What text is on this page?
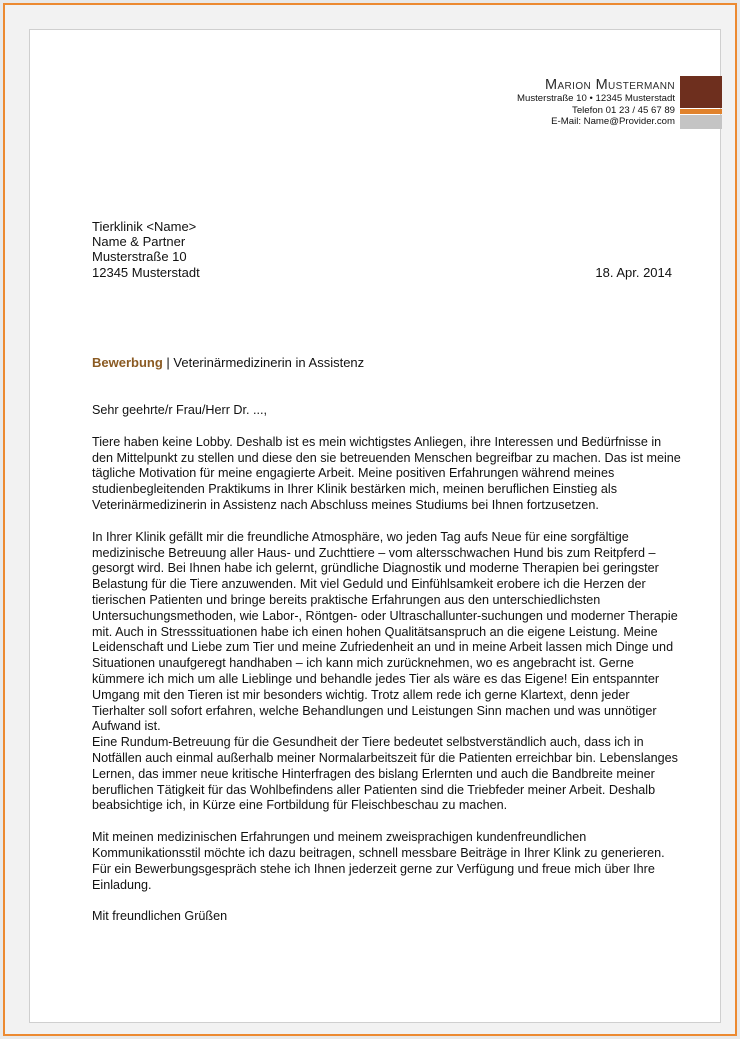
Marion Mustermann
Musterstraße 10 • 12345 Musterstadt
Telefon 01 23 / 45 67 89
E-Mail: Name@Provider.com
Tierklinik <Name>
Name & Partner
Musterstraße 10
12345 Musterstadt	18. Apr. 2014
Bewerbung | Veterinärmedizinerin in Assistenz

Sehr geehrte/r Frau/Herr Dr. ...,

Tiere haben keine Lobby. Deshalb ist es mein wichtigstes Anliegen, ihre Interessen und Bedürfnisse in den Mittelpunkt zu stellen und diese den sie betreuenden Menschen begreifbar zu machen. Das ist meine tägliche Motivation für meine engagierte Arbeit. Meine positiven Erfahrungen während meines studienbegleitenden Praktikums in Ihrer Klinik bestärken mich, meinen beruflichen Einstieg als Veterinärmedizinerin in Assistenz nach Abschluss meines Studiums bei Ihnen fortzusetzen.

In Ihrer Klinik gefällt mir die freundliche Atmosphäre, wo jeden Tag aufs Neue für eine sorgfältige medizinische Betreuung aller Haus- und Zuchttiere – vom altersschwachen Hund bis zum Reitpferd – gesorgt wird. Bei Ihnen habe ich gelernt, gründliche Diagnostik und moderne Therapien bei geringster Belastung für die Tiere anzuwenden. Mit viel Geduld und Einfühlsamkeit erobere ich die Herzen der tierischen Patienten und bringe bereits praktische Erfahrungen aus den unterschiedlichsten Untersuchungsmethoden, wie Labor-, Röntgen- oder Ultraschallunter-suchungen und moderner Therapie mit. Auch in Stresssituationen habe ich einen hohen Qualitätsanspruch an die eigene Leistung. Meine Leidenschaft und Liebe zum Tier und meine Zufriedenheit an und in meine Arbeit lassen mich Dinge und Situationen unaufgeregt handhaben – ich kann mich zurücknehmen, wo es angebracht ist. Gerne kümmere ich mich um alle Lieblinge und behandle jedes Tier als wäre es das Eigene! Ein entspannter Umgang mit den Tieren ist mir besonders wichtig. Trotz allem rede ich gerne Klartext, denn jeder Tierhalter soll sofort erfahren, welche Behandlungen und Leistungen Sinn machen und was unnötiger Aufwand ist.
Eine Rundum-Betreuung für die Gesundheit der Tiere bedeutet selbstverständlich auch, dass ich in Notfällen auch einmal außerhalb meiner Normalarbeitszeit für die Patienten erreichbar bin. Lebenslanges Lernen, das immer neue kritische Hinterfragen des bislang Erlernten und auch die Bandbreite meiner beruflichen Tätigkeit für das Wohlbefindens aller Patienten sind die Triebfeder meiner Arbeit. Deshalb beabsichtige ich, in Kürze eine Fortbildung für Fleischbeschau zu machen.

Mit meinen medizinischen Erfahrungen und meinem zweisprachigen kundenfreundlichen Kommunikationsstil möchte ich dazu beitragen, schnell messbare Beiträge in Ihrer Klink zu generieren. Für ein Bewerbungsgespräch stehe ich Ihnen jederzeit gerne zur Verfügung und freue mich über Ihre Einladung.

Mit freundlichen Grüßen
